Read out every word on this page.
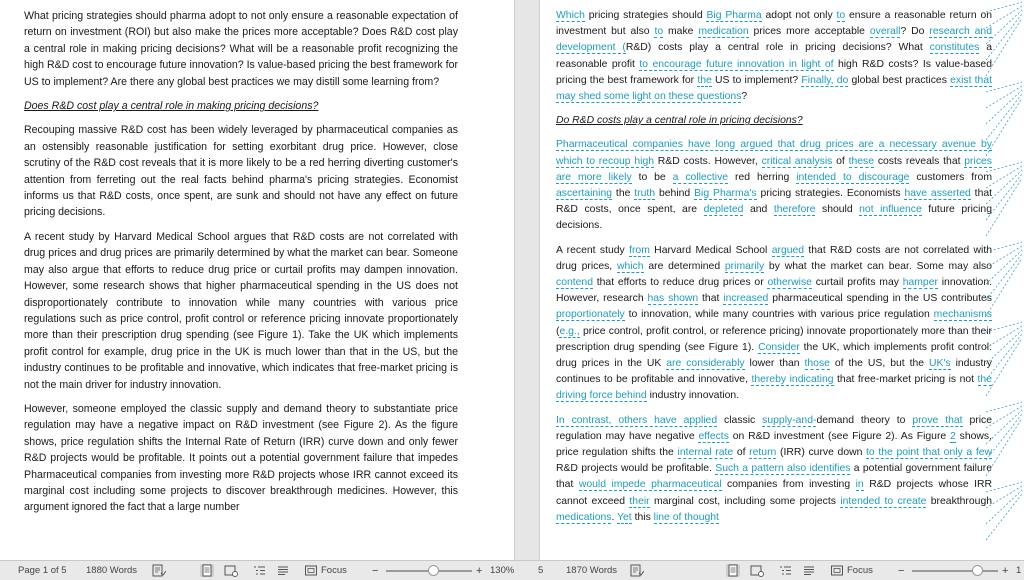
What pricing strategies should pharma adopt to not only ensure a reasonable expectation of return on investment (ROI) but also make the prices more acceptable? Does R&D cost play a central role in making pricing decisions? What will be a reasonable profit recognizing the high R&D cost to encourage future innovation? Is value-based pricing the best framework for US to implement? Are there any global best practices we may distill some learning from?

Does R&D cost play a central role in making pricing decisions?

Recouping massive R&D cost has been widely leveraged by pharmaceutical companies as an ostensibly reasonable justification for setting exorbitant drug price. However, close scrutiny of the R&D cost reveals that it is more likely to be a red herring diverting customer's attention from ferreting out the real facts behind pharma's pricing strategies. Economist informs us that R&D costs, once spent, are sunk and should not have any effect on future pricing decisions.

A recent study by Harvard Medical School argues that R&D costs are not correlated with drug prices and drug prices are primarily determined by what the market can bear. Someone may also argue that efforts to reduce drug price or curtail profits may dampen innovation. However, some research shows that higher pharmaceutical spending in the US does not disproportionately contribute to innovation while many countries with various price regulations such as price control, profit control or reference pricing innovate proportionately more than their prescription drug spending (see Figure 1). Take the UK which implements profit control for example, drug price in the UK is much lower than that in the US, but the industry continues to be profitable and innovative, which indicates that free-market pricing is not the main driver for industry innovation.

However, someone employed the classic supply and demand theory to substantiate price regulation may have a negative impact on R&D investment (see Figure 2). As the figure shows, price regulation shifts the Internal Rate of Return (IRR) curve down and only fewer R&D projects would be profitable. It points out a potential government failure that impedes Pharmaceutical companies from investing more R&D projects whose IRR cannot exceed its marginal cost including some projects to discover breakthrough medicines. However, this argument ignored the fact that a large number

Which pricing strategies should Big Pharma adopt not only to ensure a reasonable return on investment but also to make medication prices more acceptable overall? Do research and development (R&D) costs play a central role in pricing decisions? What constitutes a reasonable profit to encourage future innovation in light of high R&D costs? Is value-based pricing the best framework for the US to implement? Finally, do global best practices exist that may shed some light on these questions?

Do R&D costs play a central role in pricing decisions?

Pharmaceutical companies have long argued that drug prices are a necessary avenue by which to recoup high R&D costs. However, critical analysis of these costs reveals that prices are more likely to be a collective red herring intended to discourage customers from ascertaining the truth behind Big Pharma's pricing strategies. Economists have asserted that R&D costs, once spent, are depleted and therefore should not influence future pricing decisions.

A recent study from Harvard Medical School argued that R&D costs are not correlated with drug prices, which are determined primarily by what the market can bear. Some may also contend that efforts to reduce drug prices or otherwise curtail profits may hamper innovation. However, research has shown that increased pharmaceutical spending in the US contributes proportionately to innovation, while many countries with various price regulation mechanisms (e.g., price control, profit control, or reference pricing) innovate proportionately more than their prescription drug spending (see Figure 1). Consider the UK, which implements profit control: drug prices in the UK are considerably lower than those of the US, but the UK's industry continues to be profitable and innovative, thereby indicating that free-market pricing is not the driving force behind industry innovation.

In contrast, others have applied classic supply-and-demand theory to prove that price regulation may have negative effects on R&D investment (see Figure 2). As Figure 2 shows, price regulation shifts the internal rate of return (IRR) curve down to the point that only a few R&D projects would be profitable. Such a pattern also identifies a potential government failure that would impede pharmaceutical companies from investing in R&D projects whose IRR cannot exceed their marginal cost, including some projects intended to create breakthrough medications. Yet this line of thought

Page 1 of 5 1880 Words	Focus −	+ 130% 5 1870 Words	Focus −	+ 1
